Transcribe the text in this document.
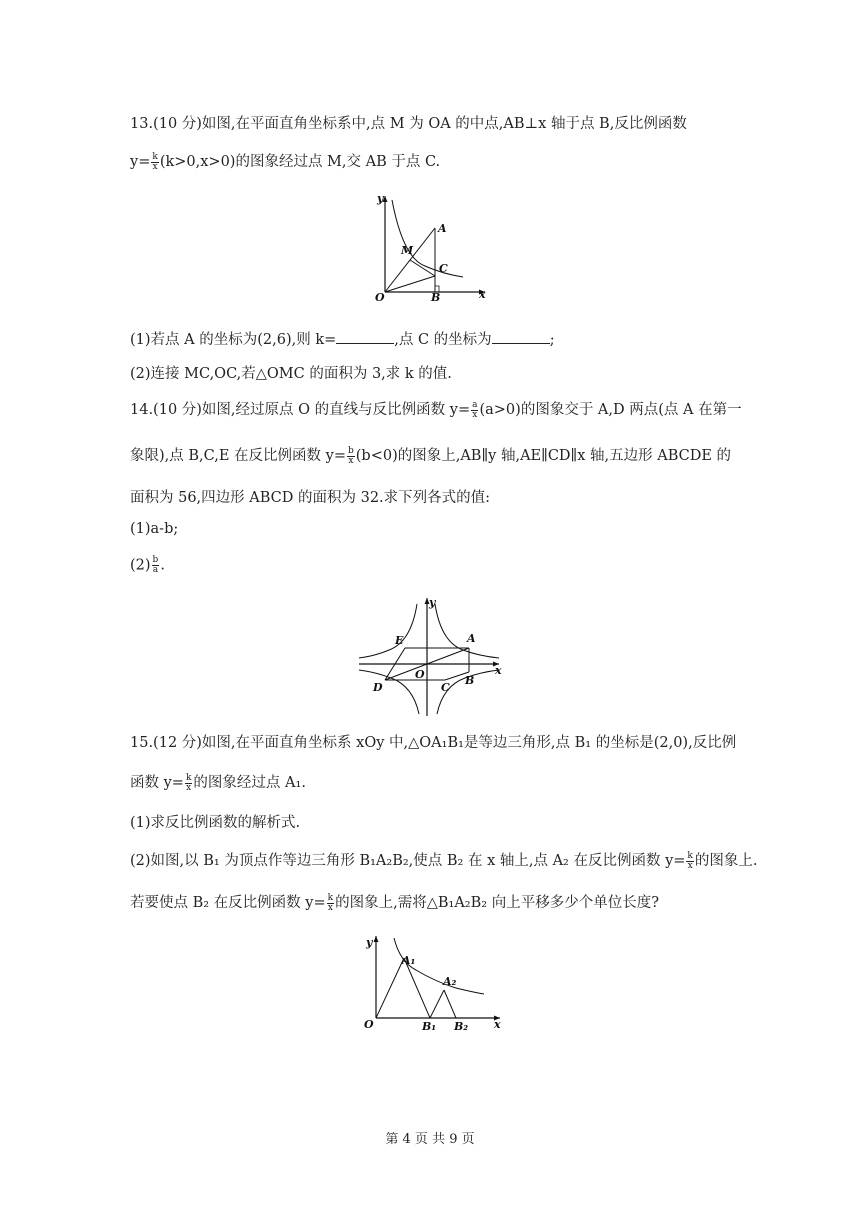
13.(10 分)如图,在平面直角坐标系中,点 M 为 OA 的中点,AB⊥x 轴于点 B,反比例函数
$y= \frac{k}{x} (k>0,x>0)$的图象经过点 M,交 AB 于点 C.
y
x
O
A
M
C
B
(1)若点 A 的坐标为(2,6),则 k=	,点 C 的坐标为	;
(2)连接 MC,OC,若△OMC 的面积为 3,求 k 的值.
14.(10 分)如图,经过原点 O 的直线与反比例函数 $y= \frac{a}{x} (a>0)$的图象交于 A,D 两点(点 A 在第一
象限),点 B,C,E 在反比例函数 $y= \frac{b}{x} (b<0)$的图象上,AB∥y 轴,AE∥CD∥x 轴,五边形 ABCDE 的
面积为 56,四边形 ABCD 的面积为 32.求下列各式的值:
(1)a-b;
$(2) \frac{b}{a}$ .
y
x
O
A
B
C
D
E
15.(12 分)如图,在平面直角坐标系 xOy 中,△OA₁B₁是等边三角形,点 B₁ 的坐标是(2,0),反比例
函数 $y= \frac{k}{x}$ 的图象经过点 A₁.
(1)求反比例函数的解析式.
(2)如图,以 B₁ 为顶点作等边三角形 B₁A₂B₂,使点 B₂ 在 x 轴上,点 A₂ 在反比例函数 $y= \frac{k}{x}$ 的图象上.
若要使点 B₂ 在反比例函数 $y= \frac{k}{x}$ 的图象上,需将△B₁A₂B₂ 向上平移多少个单位长度?
y
x
O
A₁
A₂
B₁ B₂
第 4 页 共 9 页
